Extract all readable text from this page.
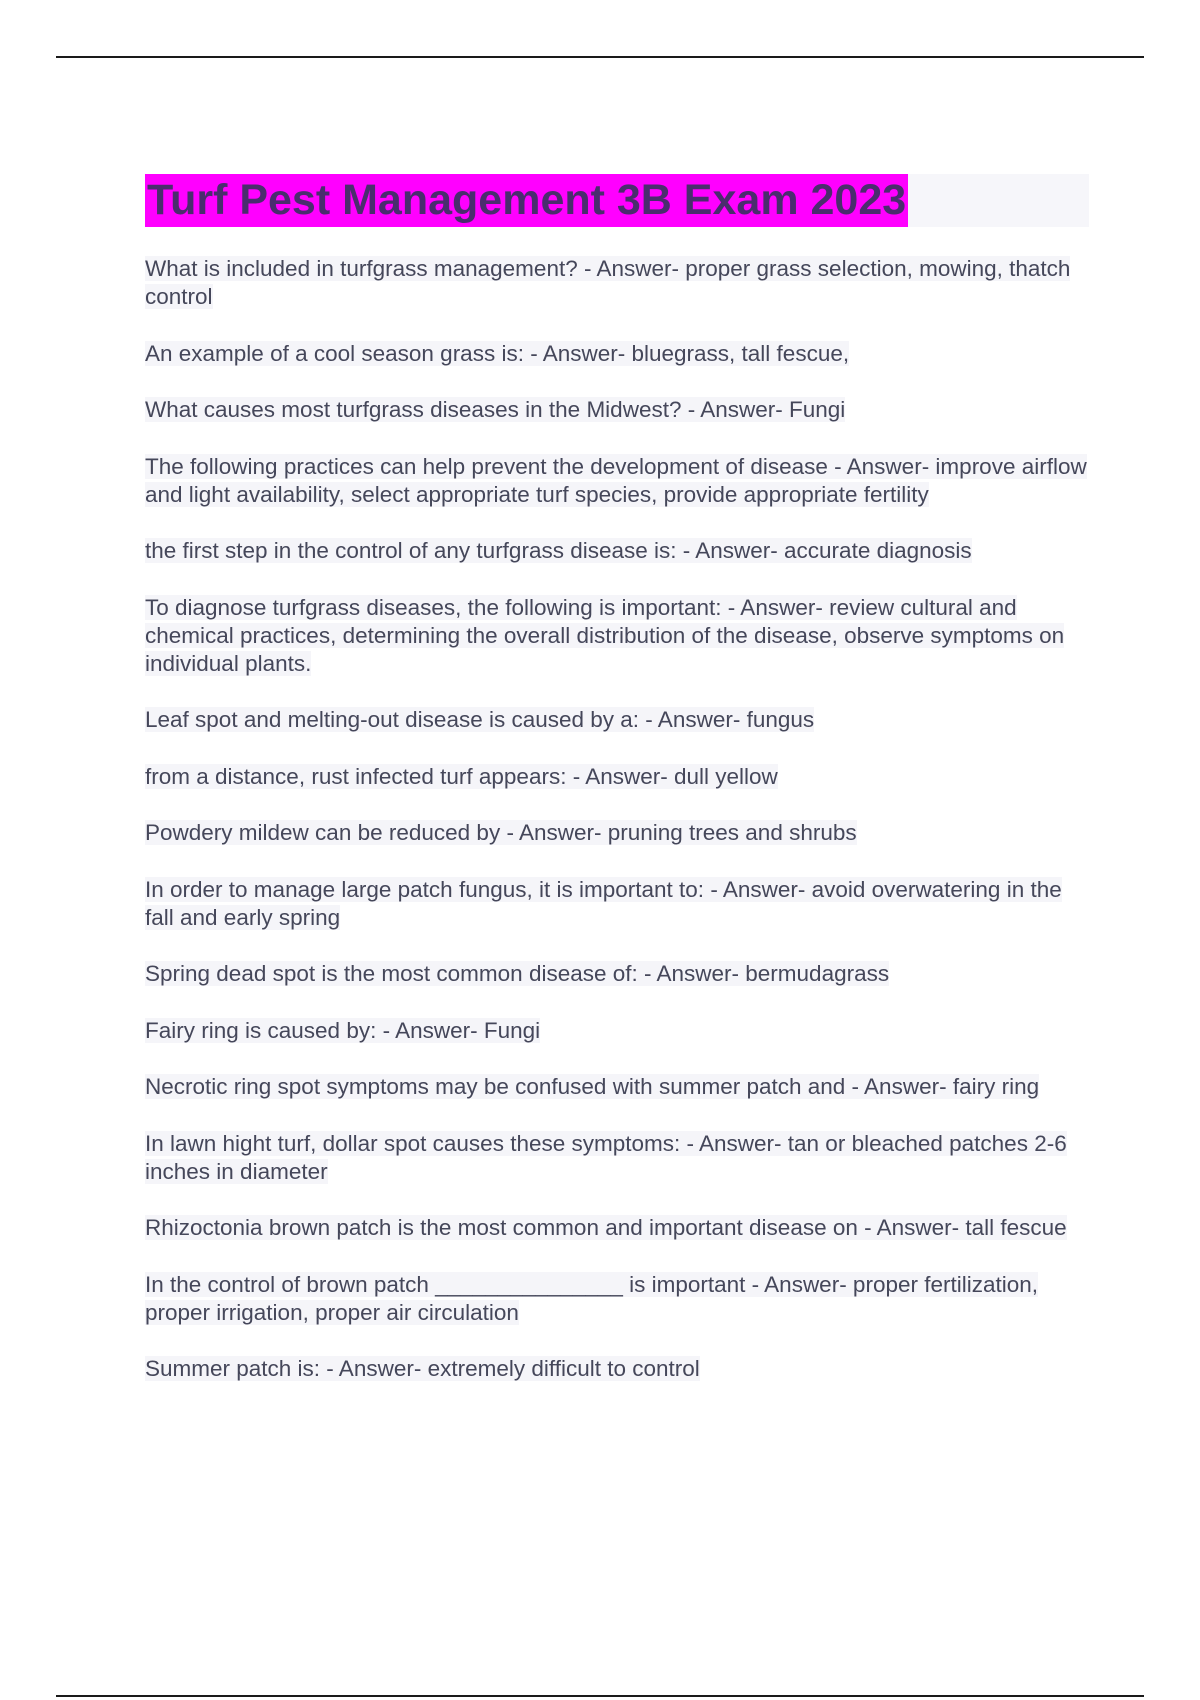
Turf Pest Management 3B Exam 2023

What is included in turfgrass management? - Answer- proper grass selection, mowing, thatch control

An example of a cool season grass is: - Answer- bluegrass, tall fescue,

What causes most turfgrass diseases in the Midwest? - Answer- Fungi

The following practices can help prevent the development of disease - Answer- improve airflow and light availability, select appropriate turf species, provide appropriate fertility

the first step in the control of any turfgrass disease is: - Answer- accurate diagnosis

To diagnose turfgrass diseases, the following is important: - Answer- review cultural and chemical practices, determining the overall distribution of the disease, observe symptoms on individual plants.

Leaf spot and melting-out disease is caused by a: - Answer- fungus

from a distance, rust infected turf appears: - Answer- dull yellow

Powdery mildew can be reduced by - Answer- pruning trees and shrubs

In order to manage large patch fungus, it is important to: - Answer- avoid overwatering in the fall and early spring

Spring dead spot is the most common disease of: - Answer- bermudagrass

Fairy ring is caused by: - Answer- Fungi

Necrotic ring spot symptoms may be confused with summer patch and - Answer- fairy ring

In lawn hight turf, dollar spot causes these symptoms: - Answer- tan or bleached patches 2-6 inches in diameter

Rhizoctonia brown patch is the most common and important disease on - Answer- tall fescue

In the control of brown patch _______________ is important - Answer- proper fertilization, proper irrigation, proper air circulation

Summer patch is: - Answer- extremely difficult to control
